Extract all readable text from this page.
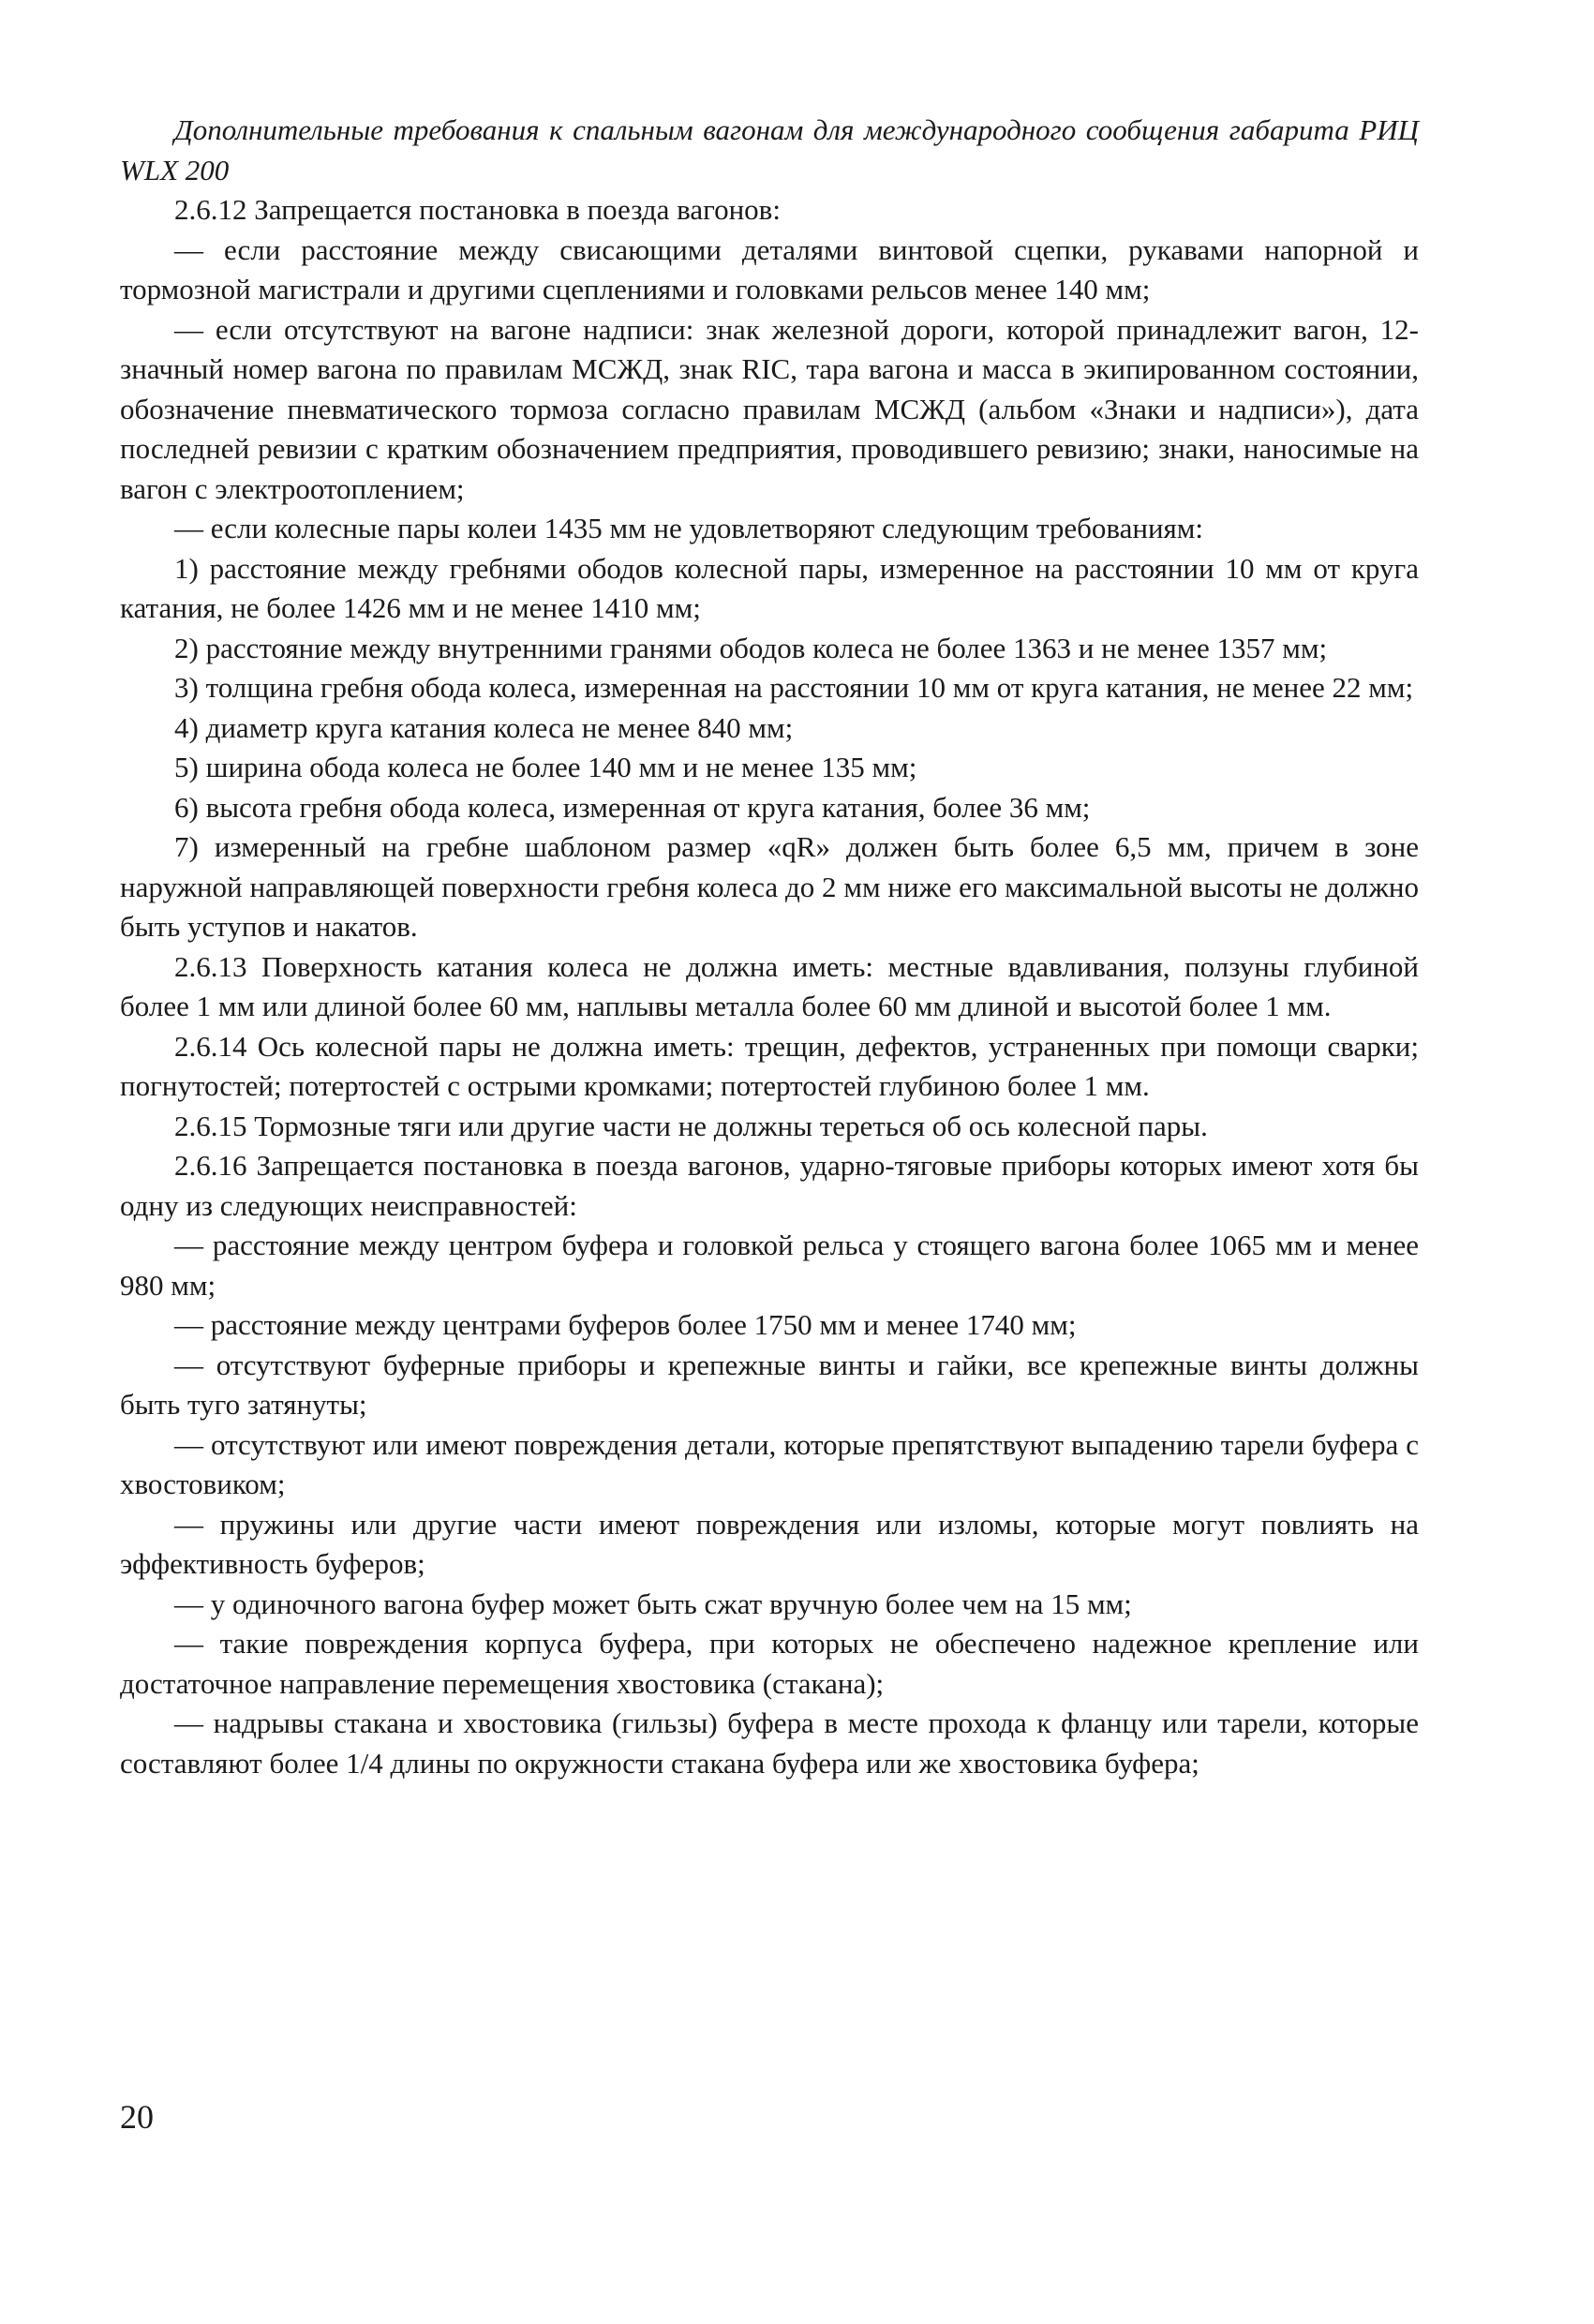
Дополнительные требования к спальным вагонам для международного сообщения габарита РИЦ WLX 200

2.6.12 Запрещается постановка в поезда вагонов:

— если расстояние между свисающими деталями винтовой сцепки, рукавами напорной и тормозной магистрали и другими сцеплениями и головками рельсов менее 140 мм;

— если отсутствуют на вагоне надписи: знак железной дороги, которой принадлежит вагон, 12-значный номер вагона по правилам МСЖД, знак RIC, тара вагона и масса в экипированном состоянии, обозначение пневматического тормоза согласно правилам МСЖД (альбом «Знаки и надписи»), дата последней ревизии с кратким обозначением предприятия, проводившего ревизию; знаки, наносимые на вагон с электроотоплением;

— если колесные пары колеи 1435 мм не удовлетворяют следующим требованиям:

1) расстояние между гребнями ободов колесной пары, измеренное на расстоянии 10 мм от круга катания, не более 1426 мм и не менее 1410 мм;

2) расстояние между внутренними гранями ободов колеса не более 1363 и не менее 1357 мм;

3) толщина гребня обода колеса, измеренная на расстоянии 10 мм от круга катания, не менее 22 мм;

4) диаметр круга катания колеса не менее 840 мм;

5) ширина обода колеса не более 140 мм и не менее 135 мм;

6) высота гребня обода колеса, измеренная от круга катания, более 36 мм;

7) измеренный на гребне шаблоном размер «qR» должен быть более 6,5 мм, причем в зоне наружной направляющей поверхности гребня колеса до 2 мм ниже его максимальной высоты не должно быть уступов и накатов.

2.6.13 Поверхность катания колеса не должна иметь: местные вдавливания, ползуны глубиной более 1 мм или длиной более 60 мм, наплывы металла более 60 мм длиной и высотой более 1 мм.

2.6.14 Ось колесной пары не должна иметь: трещин, дефектов, устраненных при помощи сварки; погнутостей; потертостей с острыми кромками; потертостей глубиною более 1 мм.

2.6.15 Тормозные тяги или другие части не должны тереться об ось колесной пары.

2.6.16 Запрещается постановка в поезда вагонов, ударно-тяговые приборы которых имеют хотя бы одну из следующих неисправностей:

— расстояние между центром буфера и головкой рельса у стоящего вагона более 1065 мм и менее 980 мм;

— расстояние между центрами буферов более 1750 мм и менее 1740 мм;

— отсутствуют буферные приборы и крепежные винты и гайки, все крепежные винты должны быть туго затянуты;

— отсутствуют или имеют повреждения детали, которые препятствуют выпадению тарели буфера с хвостовиком;

— пружины или другие части имеют повреждения или изломы, которые могут повлиять на эффективность буферов;

— у одиночного вагона буфер может быть сжат вручную более чем на 15 мм;

— такие повреждения корпуса буфера, при которых не обеспечено надежное крепление или достаточное направление перемещения хвостовика (стакана);

— надрывы стакана и хвостовика (гильзы) буфера в месте прохода к фланцу или тарели, которые составляют более 1/4 длины по окружности стакана буфера или же хвостовика буфера;

20
